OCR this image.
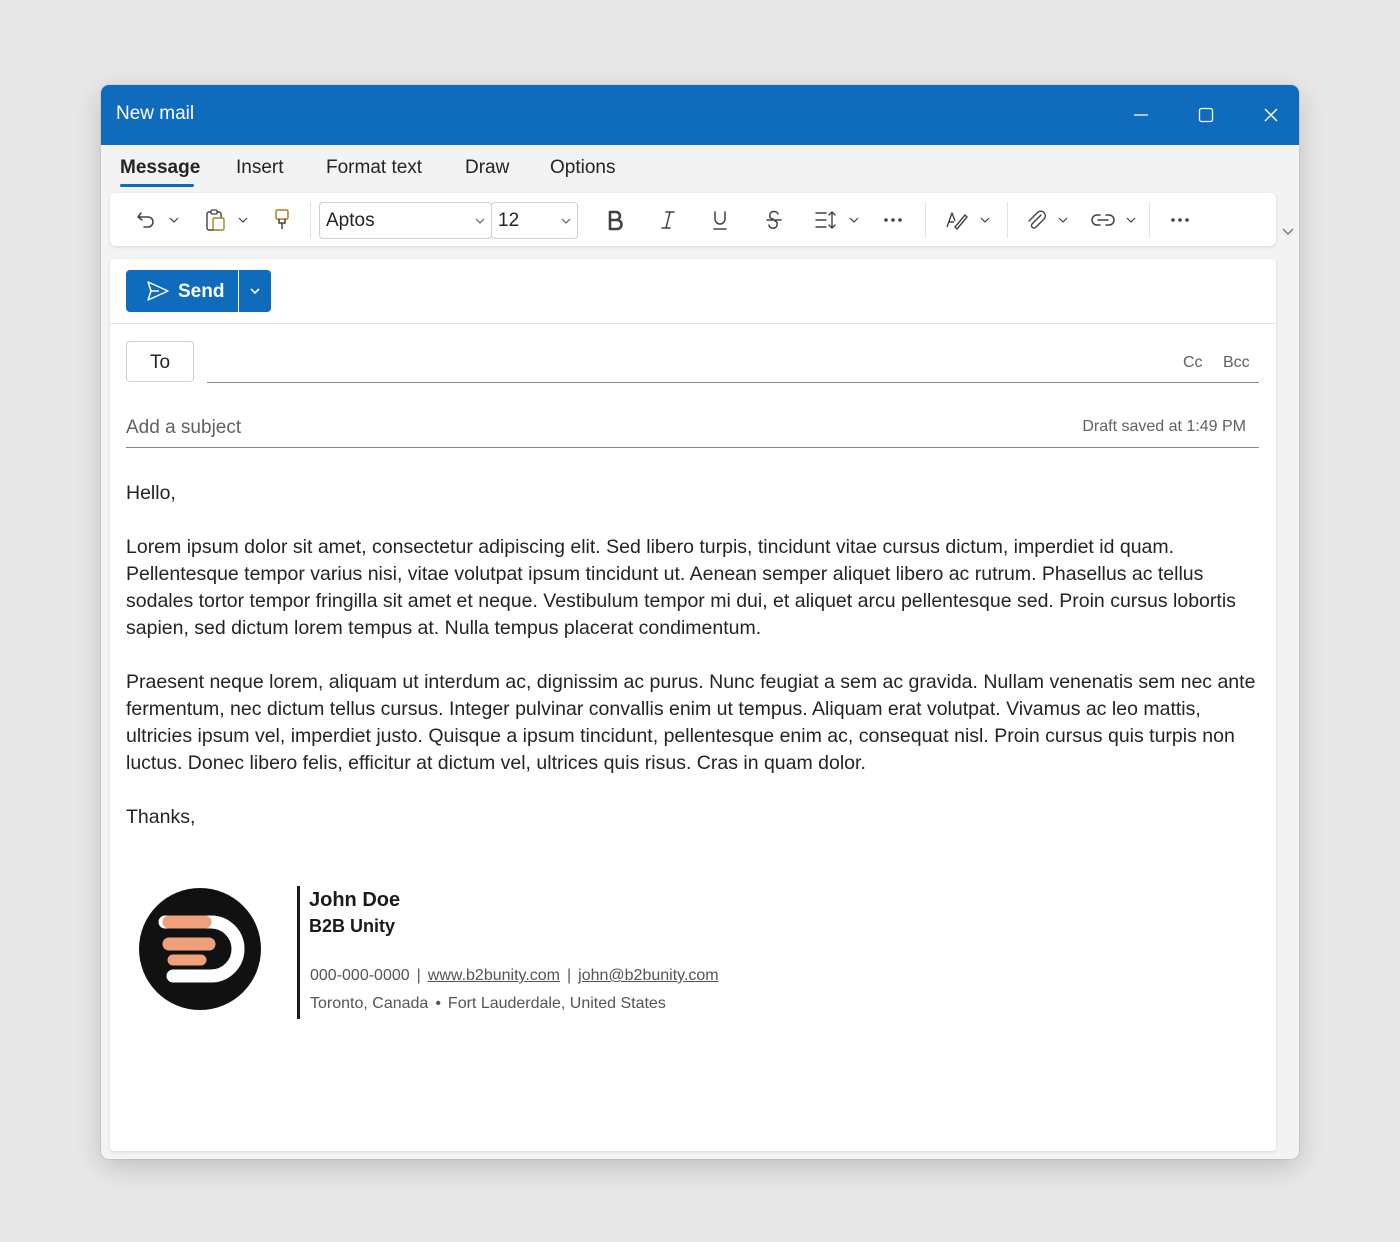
New mail
Message Insert Format text Draw Options
Aptos	12
Send
To	Cc Bcc
Add a subject	Draft saved at 1:49 PM

Hello,

Lorem ipsum dolor sit amet, consectetur adipiscing elit. Sed libero turpis, tincidunt vitae cursus dictum, imperdiet id quam. Pellentesque tempor varius nisi, vitae volutpat ipsum tincidunt ut. Aenean semper aliquet libero ac rutrum. Phasellus ac tellus sodales tortor tempor fringilla sit amet et neque. Vestibulum tempor mi dui, et aliquet arcu pellentesque sed. Proin cursus lobortis sapien, sed dictum lorem tempus at. Nulla tempus placerat condimentum.

Praesent neque lorem, aliquam ut interdum ac, dignissim ac purus. Nunc feugiat a sem ac gravida. Nullam venenatis sem nec ante fermentum, nec dictum tellus cursus. Integer pulvinar convallis enim ut tempus. Aliquam erat volutpat. Vivamus ac leo mattis, ultricies ipsum vel, imperdiet justo. Quisque a ipsum tincidunt, pellentesque enim ac, consequat nisl. Proin cursus quis turpis non luctus. Donec libero felis, efficitur at dictum vel, ultrices quis risus. Cras in quam dolor.

Thanks,

John Doe
B2B Unity
000-000-0000 | www.b2bunity.com | john@b2bunity.com
Toronto, Canada • Fort Lauderdale, United States
